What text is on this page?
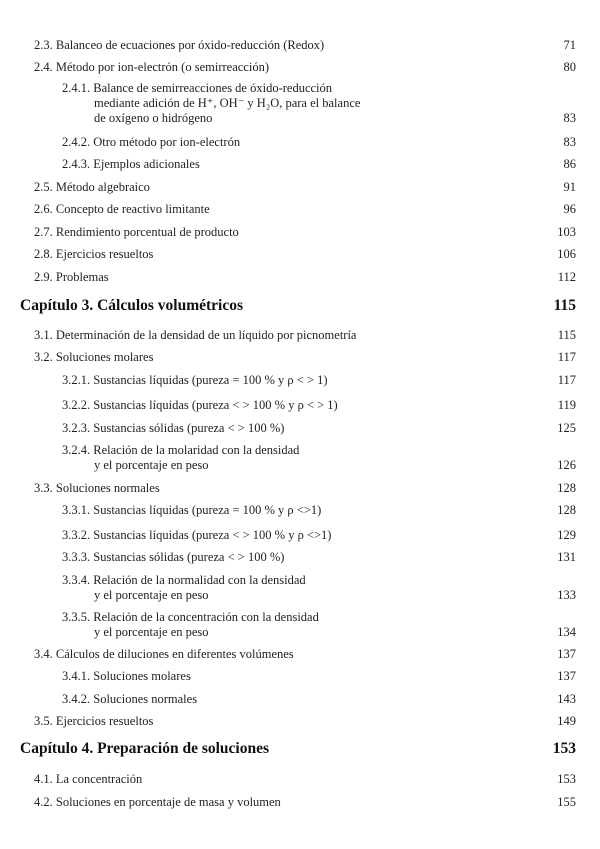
2.3. Balanceo de ecuaciones por óxido-reducción (Redox)	71
2.4. Método por ion-electrón (o semirreacción)	80
2.4.1. Balance de semirreacciones de óxido-reducción
mediante adición de H⁺, OH⁻ y H₂O, para el balance
de oxígeno o hidrógeno	83
2.4.2. Otro método por ion-electrón	83
2.4.3. Ejemplos adicionales	86
2.5. Método algebraico	91
2.6. Concepto de reactivo limitante	96
2.7. Rendimiento porcentual de producto	103
2.8. Ejercicios resueltos	106
2.9. Problemas	112
Capítulo 3. Cálculos volumétricos	115
3.1. Determinación de la densidad de un líquido por picnometría	115
3.2. Soluciones molares	117
3.2.1. Sustancias líquidas (pureza = 100 % y ρ < > 1)	117
3.2.2. Sustancias líquidas (pureza < > 100 % y ρ < > 1)	119
3.2.3. Sustancias sólidas (pureza < > 100 %)	125
3.2.4. Relación de la molaridad con la densidad
y el porcentaje en peso	126
3.3. Soluciones normales	128
3.3.1. Sustancias líquidas (pureza = 100 % y ρ <>1)	128
3.3.2. Sustancias líquidas (pureza < > 100 % y ρ <>1)	129
3.3.3. Sustancias sólidas (pureza < > 100 %)	131
3.3.4. Relación de la normalidad con la densidad
y el porcentaje en peso	133
3.3.5. Relación de la concentración con la densidad
y el porcentaje en peso	134
3.4. Cálculos de diluciones en diferentes volúmenes	137
3.4.1. Soluciones molares	137
3.4.2. Soluciones normales	143
3.5. Ejercicios resueltos	149
Capítulo 4. Preparación de soluciones	153
4.1. La concentración	153
4.2. Soluciones en porcentaje de masa y volumen	155
